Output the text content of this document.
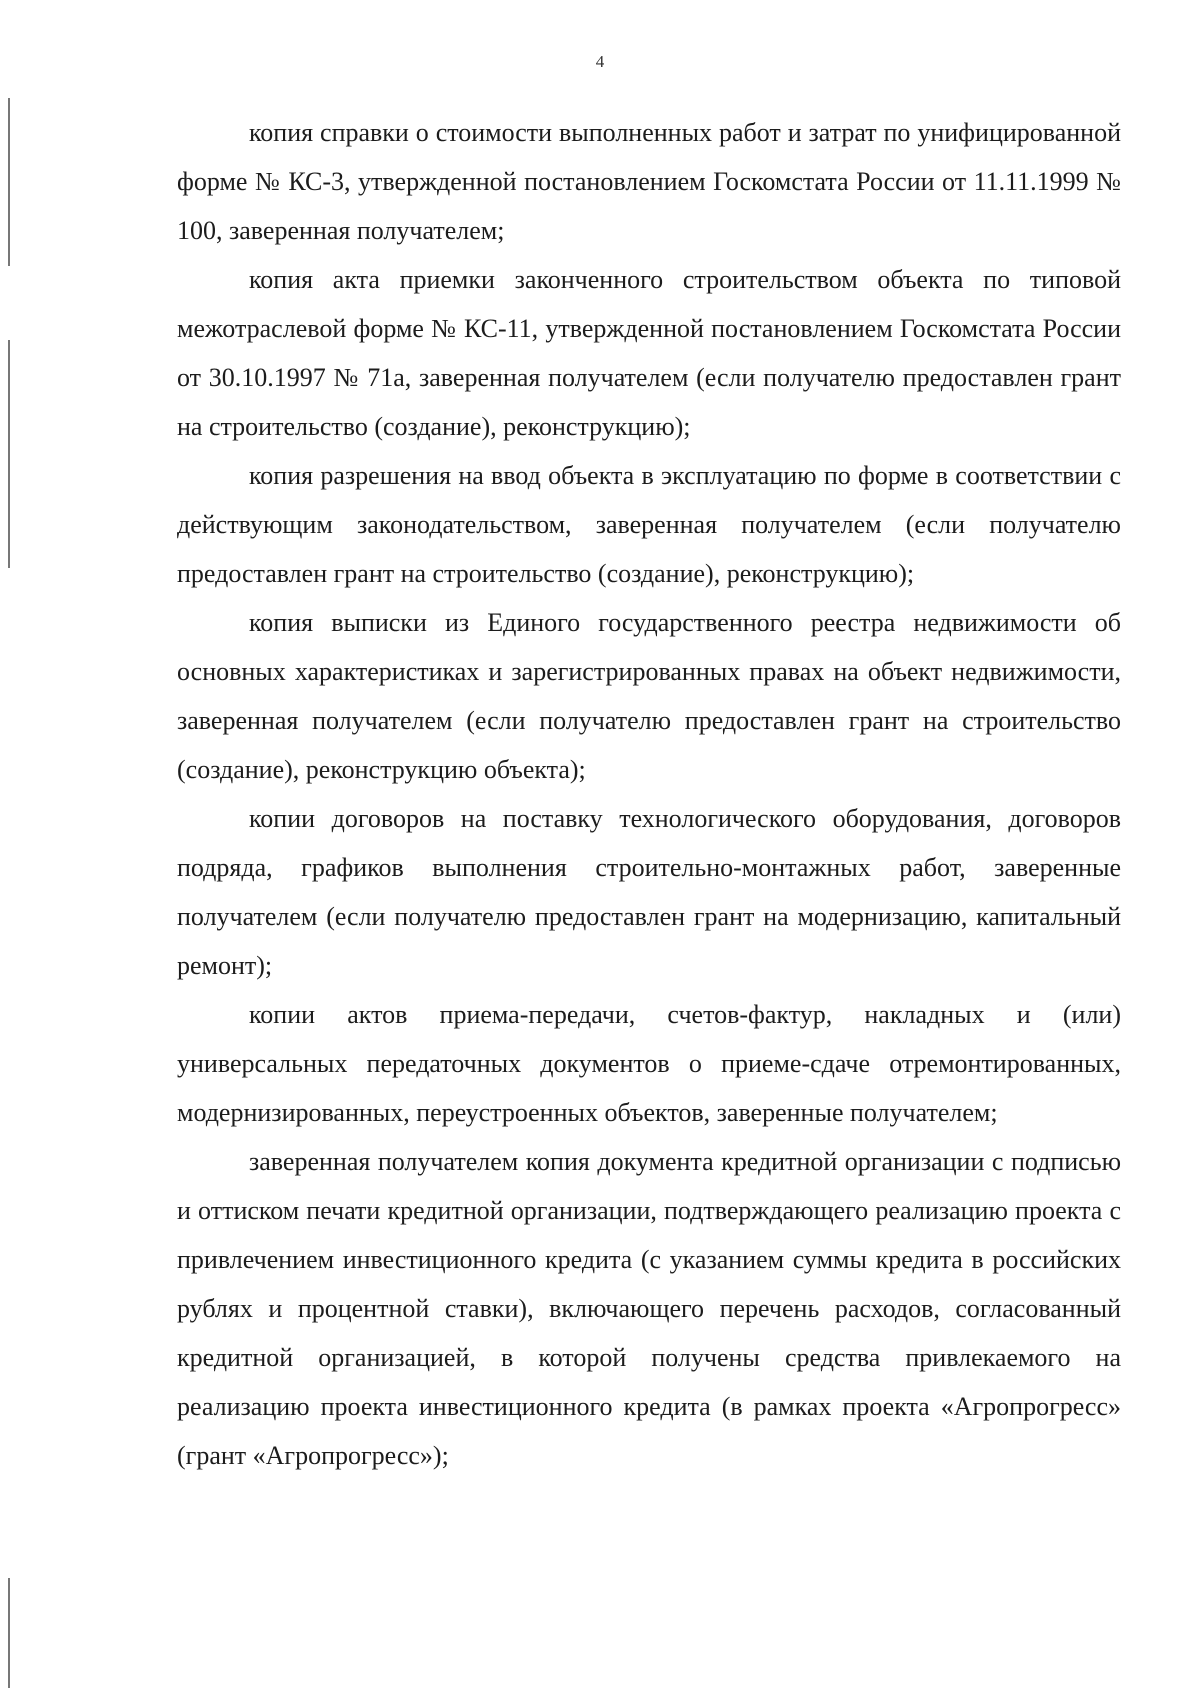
4

копия справки о стоимости выполненных работ и затрат по унифицированной форме № КС-3, утвержденной постановлением Госкомстата России от 11.11.1999 № 100, заверенная получателем;

копия акта приемки законченного строительством объекта по типовой межотраслевой форме № КС-11, утвержденной постановлением Госкомстата России от 30.10.1997 № 71а, заверенная получателем (если получателю предоставлен грант на строительство (создание), реконструкцию);

копия разрешения на ввод объекта в эксплуатацию по форме в соответствии с действующим законодательством, заверенная получателем (если получателю предоставлен грант на строительство (создание), реконструкцию);

копия выписки из Единого государственного реестра недвижимости об основных характеристиках и зарегистрированных правах на объект недвижимости, заверенная получателем (если получателю предоставлен грант на строительство (создание), реконструкцию объекта);

копии договоров на поставку технологического оборудования, договоров подряда, графиков выполнения строительно-монтажных работ, заверенные получателем (если получателю предоставлен грант на модернизацию, капитальный ремонт);

копии актов приема-передачи, счетов-фактур, накладных и (или) универсальных передаточных документов о приеме-сдаче отремонтированных, модернизированных, переустроенных объектов, заверенные получателем;

заверенная получателем копия документа кредитной организации с подписью и оттиском печати кредитной организации, подтверждающего реализацию проекта с привлечением инвестиционного кредита (с указанием суммы кредита в российских рублях и процентной ставки), включающего перечень расходов, согласованный кредитной организацией, в которой получены средства привлекаемого на реализацию проекта инвестиционного кредита (в рамках проекта «Агропрогресс» (грант «Агропрогресс»);
